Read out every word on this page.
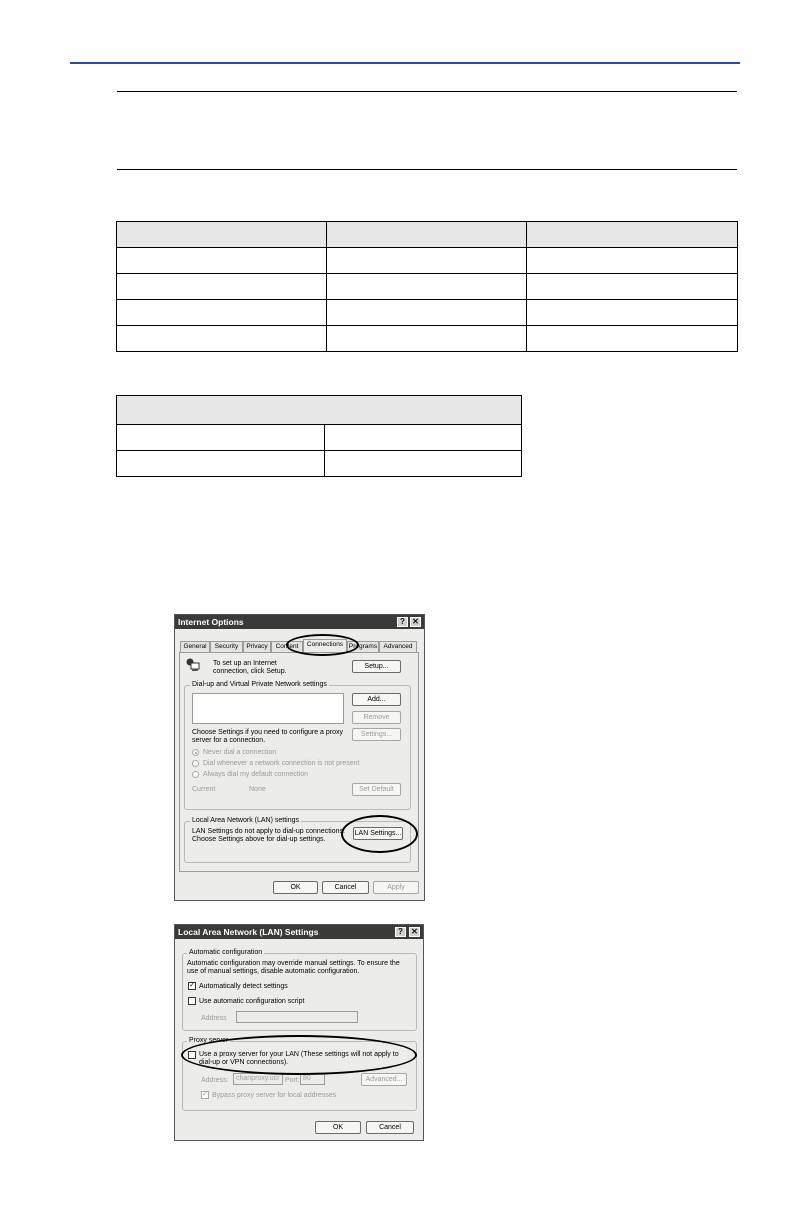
Internet Options	? ✕
General	Security	Privacy	Content	Connections Programs Advanced
To set up an Internet connection, click Setup.
Setup...
Dial-up and Virtual Private Network settings
Add...
Remove
Choose Settings if you need to configure a proxy server for a connection.
Settings...
Never dial a connection
Dial whenever a network connection is not present
Always dial my default connection
Current	None	Set Default
Local Area Network (LAN) settings
LAN Settings do not apply to dial-up connections.
Choose Settings above for dial-up settings.
LAN Settings...
OK	Cancel	Apply
Local Area Network (LAN) Settings	?	✕
Automatic configuration
Automatic configuration may override manual settings. To ensure the
use of manual settings, disable automatic configuration.
✓ Automatically detect settings
Use automatic configuration script
Address
Proxy server
Use a proxy server for your LAN (These settings will not apply to
dial-up or VPN connections).
Address:	chanproxy.ucr Port: 80	Advanced...
✓ Bypass proxy server for local addresses
OK	Cancel
